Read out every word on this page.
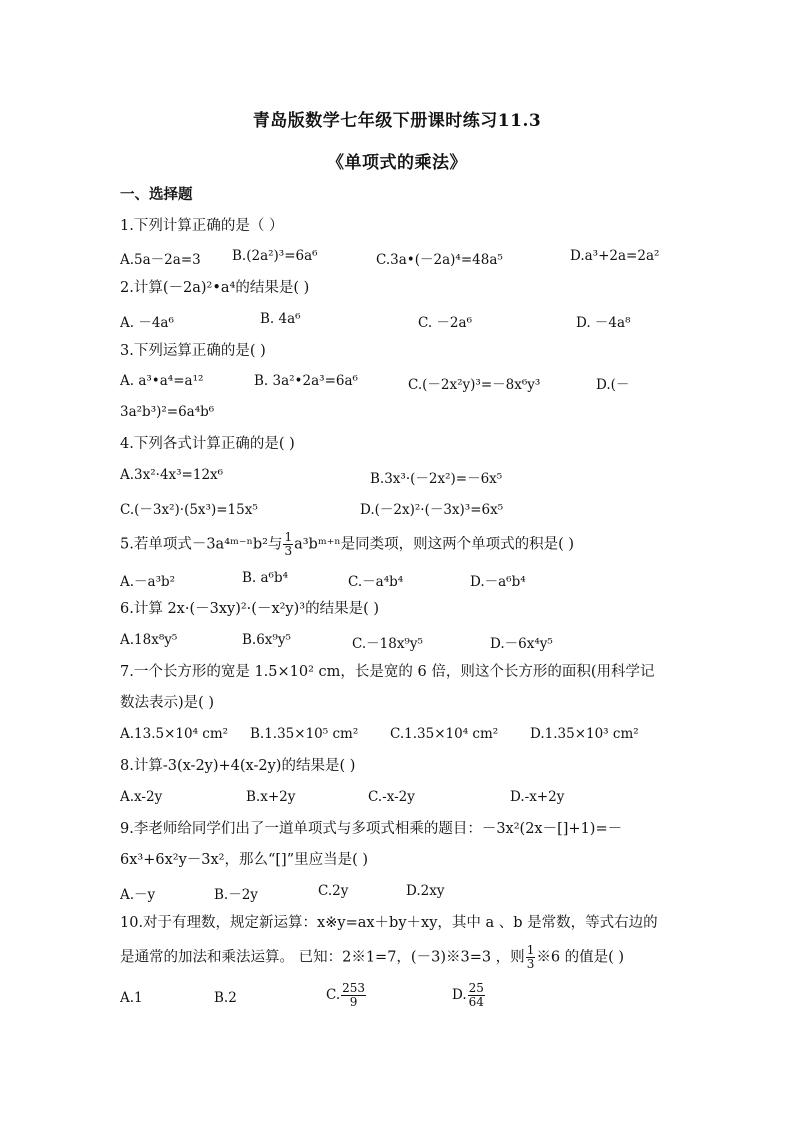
青岛版数学七年级下册课时练习11.3
《单项式的乘法》
一、选择题
1.下列计算正确的是（ ）
A.5a－2a=3 B.(2a²)³=6a⁶	C.3a•(－2a)⁴=48a⁵	D.a³+2a=2a²
2.计算(－2a)²•a⁴的结果是( )
A. －4a⁶	B. 4a⁶	C. －2a⁶	D. －4a⁸
3.下列运算正确的是( )
A. a³•a⁴=a¹²	B. 3a²•2a³=6a⁶	C.(－2x²y)³=－8x⁶y³	D.(－
3a²b³)²=6a⁴b⁶
4.下列各式计算正确的是( )
A.3x²·4x³=12x⁶	B.3x³·(－2x²)=－6x⁵
C.(－3x²)·(5x³)=15x⁵	D.(－2x)²·(－3x)³=6x⁵
5.若单项式－3a⁴ᵐ⁻ⁿb²与 $\frac{1}{3}$ a³bᵐ⁺ⁿ是同类项，则这两个单项式的积是( )
A.－a³b²	B. a⁶b⁴	C.－a⁴b⁴	D.－a⁶b⁴
6.计算 2x·(－3xy)²·(－x²y)³的结果是( )
A.18x⁸y⁵	B.6x⁹y⁵	C.－18x⁹y⁵	D.－6x⁴y⁵
7.一个长方形的宽是 1.5×10² cm，长是宽的 6 倍，则这个长方形的面积(用科学记
数法表示)是( )
A.13.5×10⁴ cm² B.1.35×10⁵ cm² C.1.35×10⁴ cm² D.1.35×10³ cm²
8.计算-3(x-2y)+4(x-2y)的结果是( )
A.x-2y	B.x+2y	C.-x-2y	D.-x+2y
9.李老师给同学们出了一道单项式与多项式相乘的题目：－3x²(2x－[]+1)=－
6x³+6x²y－3x²，那么“[]”里应当是( )
A.－y	B.－2y	C.2y	D.2xy
10.对于有理数，规定新运算：x※y=ax＋by＋xy，其中 a 、b 是常数，等式右边的
是通常的加法和乘法运算。 已知：2※1=7，(－3)※3=3 ，则 $\frac{1}{3}$ ※6 的值是( )
A.1	B.2	C. $\frac{253}{9}$	D. $\frac{25}{64}$
